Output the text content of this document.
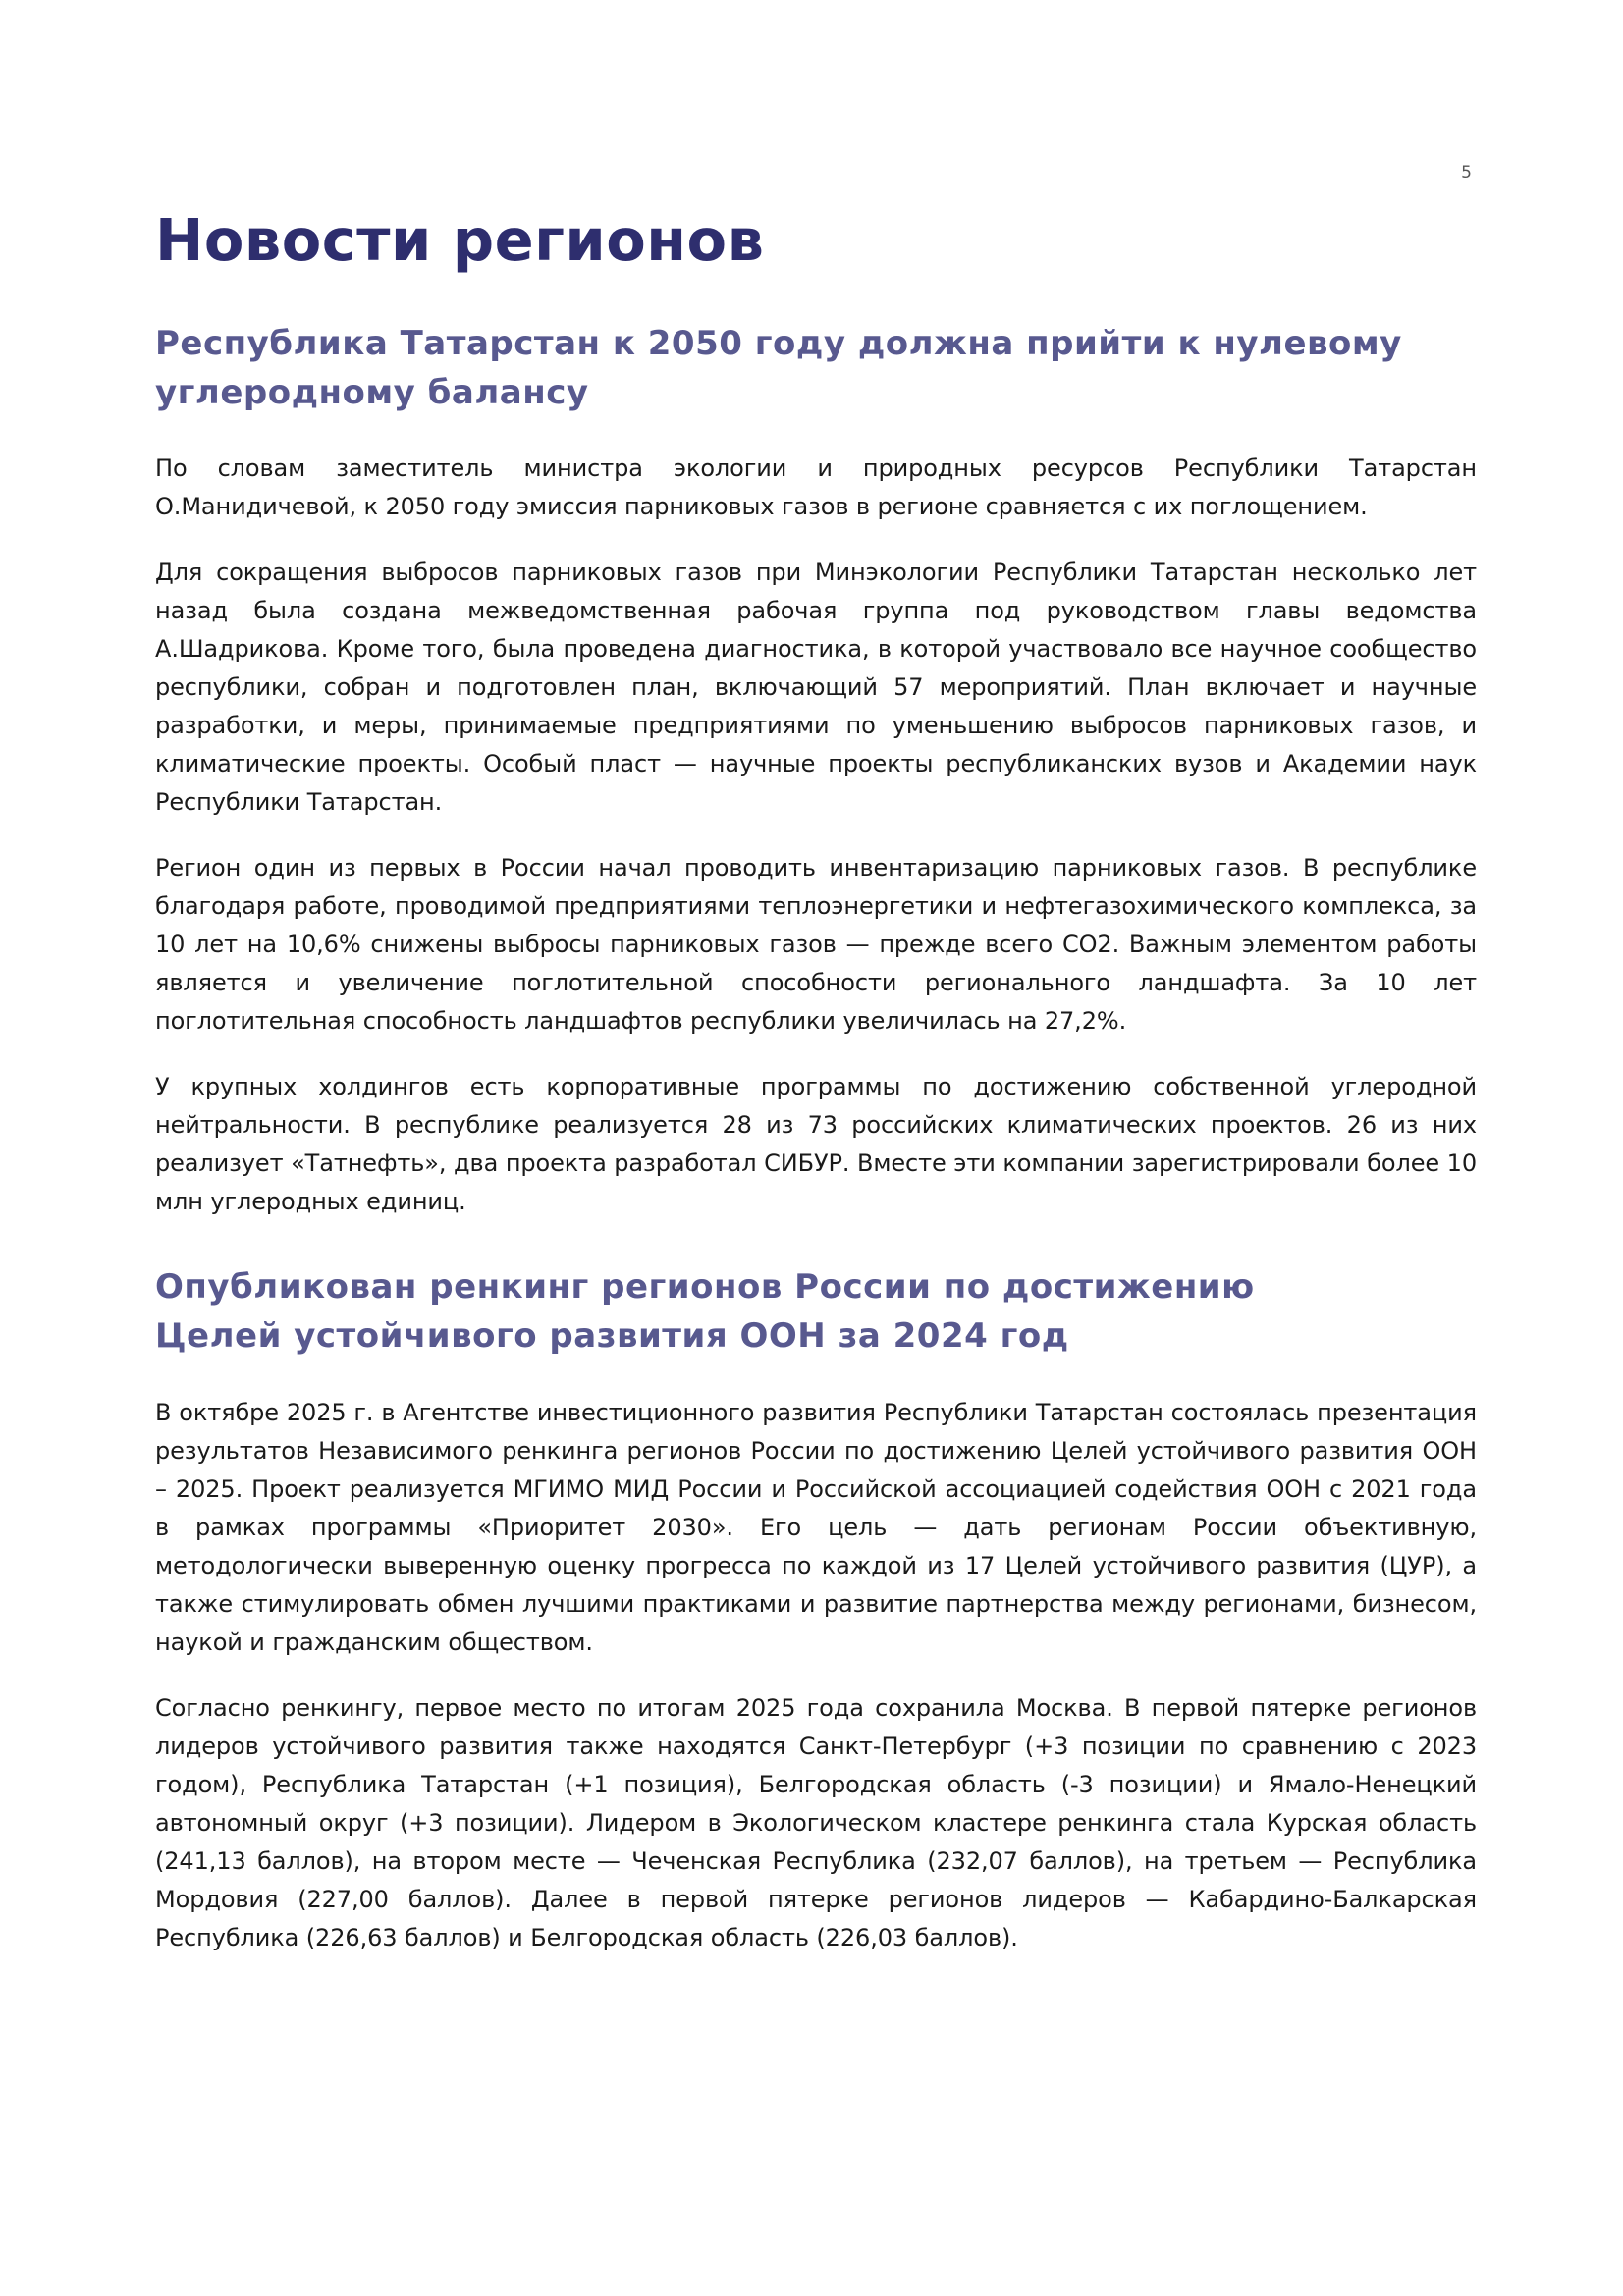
5
Новости регионов
Республика Татарстан к 2050 году должна прийти к нулевому
углеродному балансу

По словам заместитель министра экологии и природных ресурсов Республики Татарстан О.Манидичевой, к 2050 году эмиссия парниковых газов в регионе сравняется с их поглощением.

Для сокращения выбросов парниковых газов при Минэкологии Республики Татарстан несколько лет назад была создана межведомственная рабочая группа под руководством главы ведомства А.Шадрикова. Кроме того, была проведена диагностика, в которой участвовало все научное сообщество республики, собран и подготовлен план, включающий 57 мероприятий. План включает и научные разработки, и меры, принимаемые предприятиями по уменьшению выбросов парниковых газов, и климатические проекты. Особый пласт — научные проекты республиканских вузов и Академии наук Республики Татарстан.

Регион один из первых в России начал проводить инвентаризацию парниковых газов. В республике благодаря работе, проводимой предприятиями теплоэнергетики и нефтегазохимического комплекса, за 10 лет на 10,6% снижены выбросы парниковых газов — прежде всего СО2. Важным элементом работы является и увеличение поглотительной способности регионального ландшафта. За 10 лет поглотительная способность ландшафтов республики увеличилась на 27,2%.

У крупных холдингов есть корпоративные программы по достижению собственной углеродной нейтральности. В республике реализуется 28 из 73 российских климатических проектов. 26 из них реализует «Татнефть», два проекта разработал СИБУР. Вместе эти компании зарегистрировали более 10 млн углеродных единиц.

Опубликован ренкинг регионов России по достижению
Целей устойчивого развития ООН за 2024 год

В октябре 2025 г. в Агентстве инвестиционного развития Республики Татарстан состоялась презентация результатов Независимого ренкинга регионов России по достижению Целей устойчивого развития ООН – 2025. Проект реализуется МГИМО МИД России и Российской ассоциацией содействия ООН с 2021 года в рамках программы «Приоритет 2030». Его цель — дать регионам России объективную, методологически выверенную оценку прогресса по каждой из 17 Целей устойчивого развития (ЦУР), а также стимулировать обмен лучшими практиками и развитие партнерства между регионами, бизнесом, наукой и гражданским обществом.

Согласно ренкингу, первое место по итогам 2025 года сохранила Москва. В первой пятерке регионов лидеров устойчивого развития также находятся Санкт-Петербург (+3 позиции по сравнению с 2023 годом), Республика Татарстан (+1 позиция), Белгородская область (-3 позиции) и Ямало-Ненецкий автономный округ (+3 позиции). Лидером в Экологическом кластере ренкинга стала Курская область (241,13 баллов), на втором месте — Чеченская Республика (232,07 баллов), на третьем — Республика Мордовия (227,00 баллов). Далее в первой пятерке регионов лидеров — Кабардино-Балкарская Республика (226,63 баллов) и Белгородская область (226,03 баллов).
